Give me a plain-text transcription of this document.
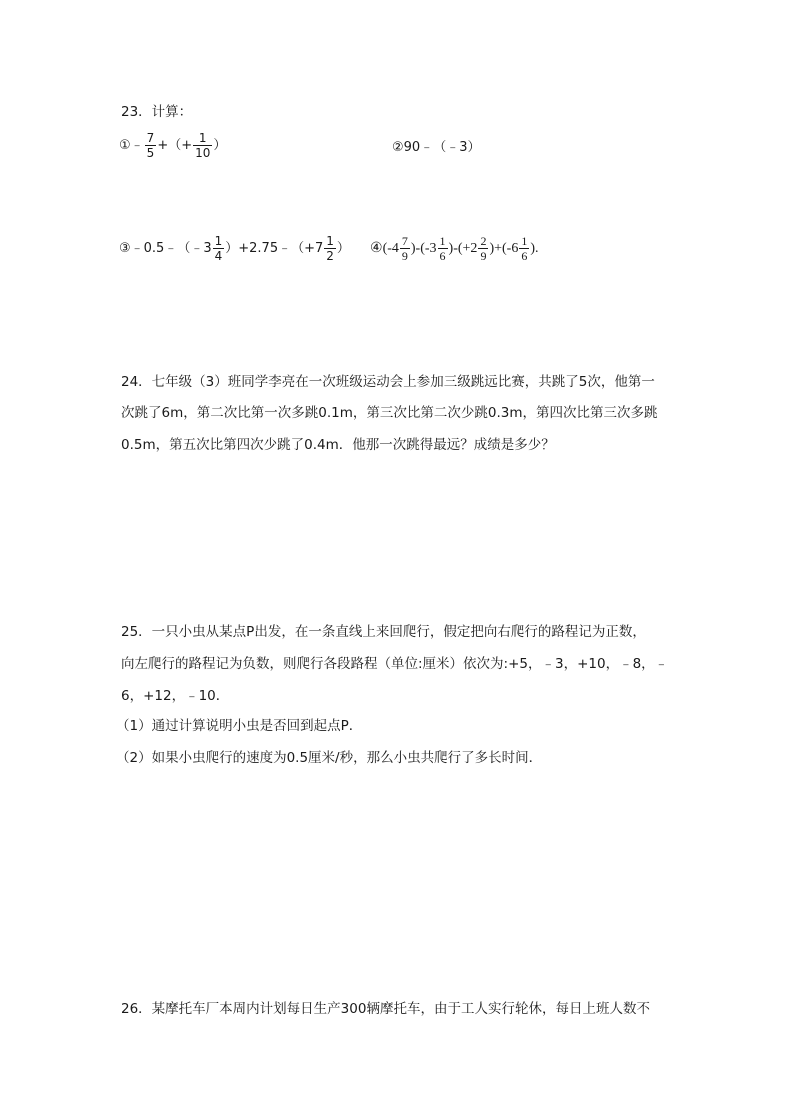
23．计算：
① ﹣ $\frac{7}{5}$ +（+ $\frac{1}{10}$ ）	②90﹣（﹣3）
③﹣0.5﹣（﹣3 $\frac{1}{4}$ ）+2.75﹣（+7 $\frac{1}{2}$ ） ④ $(-4 \frac{7}{9} )-(-3 \frac{1}{6} )-(+2 \frac{2}{9} )+(-6 \frac{1}{6}$ ).
24．七年级（3）班同学李亮在一次班级运动会上参加三级跳远比赛，共跳了5次，他第一
次跳了6m，第二次比第一次多跳0.1m，第三次比第二次少跳0.3m，第四次比第三次多跳
0.5m，第五次比第四次少跳了0.4m．他那一次跳得最远？成绩是多少？
25．一只小虫从某点P出发，在一条直线上来回爬行，假定把向右爬行的路程记为正数，
向左爬行的路程记为负数，则爬行各段路程（单位:厘米）依次为:+5，﹣3，+10，﹣8，﹣
6，+12，﹣10．
（1）通过计算说明小虫是否回到起点P．
（2）如果小虫爬行的速度为0.5厘米/秒，那么小虫共爬行了多长时间．
26．某摩托车厂本周内计划每日生产300辆摩托车，由于工人实行轮休，每日上班人数不
